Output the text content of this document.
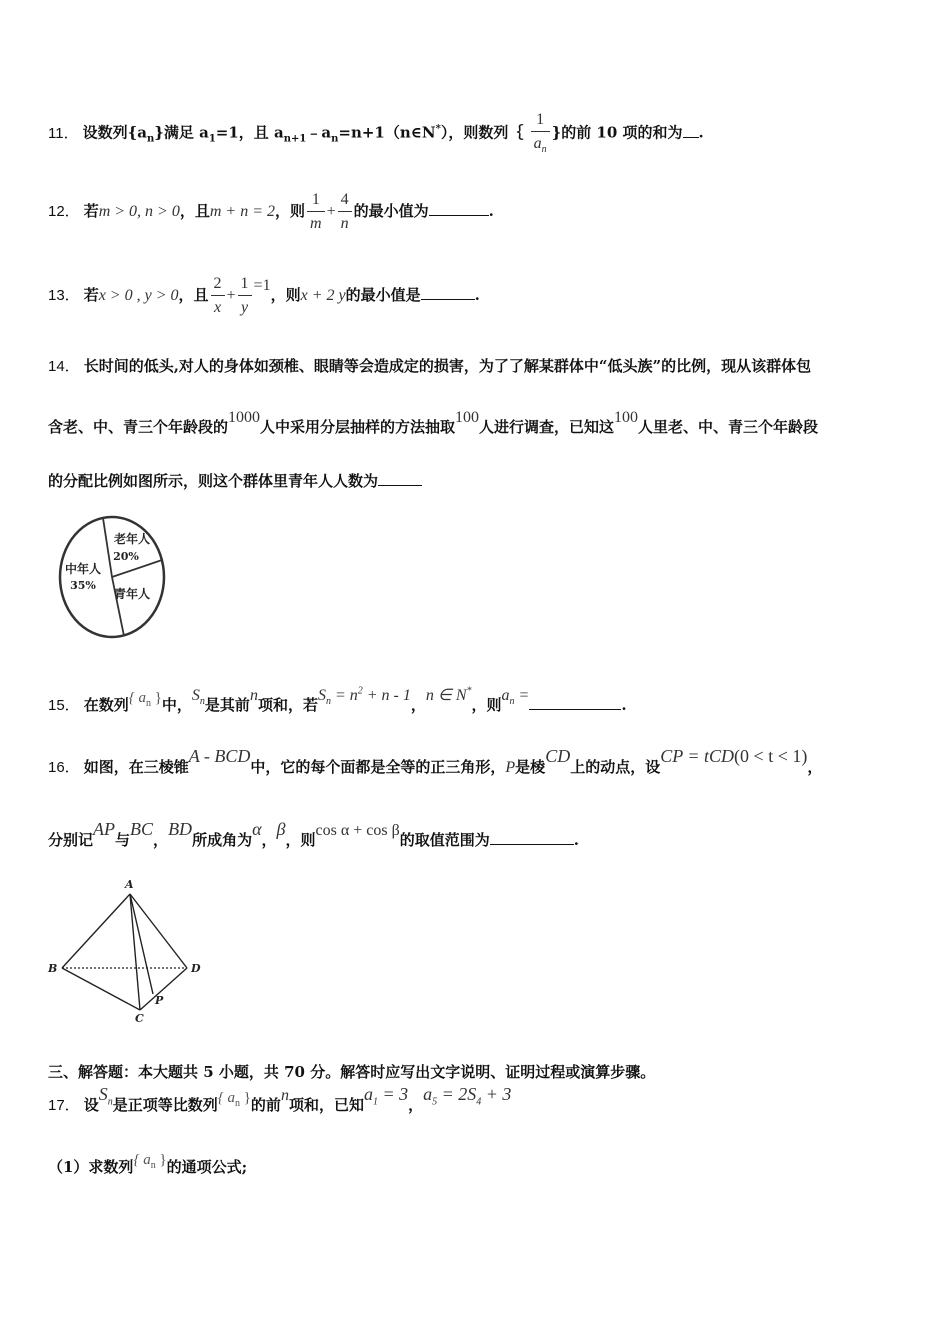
11． 设数列$\{a_n\}$满足 $a_1=1$，且 $a_{n+1}﹣a_n=n+1(n\in N^*)$，则数列｛ $\frac{1}{a_n}$ }的前 10 项的和为 .
12． 若m > 0, n > 0，且m + n = 2，则 $\frac{1}{m} + \frac{4}{n}$ 的最小值为	.
13． 若x > 0 , y > 0，且 $\frac{2}{x} + \frac{1}{y} =1$，则x + 2 y的最小值是	.
14． 长时间的低头,对人的身体如颈椎、眼睛等会造成定的损害，为了了解某群体中“低头族”的比例，现从该群体包
含老、中、青三个年龄段的1000人中采用分层抽样的方法抽取100人进行调查，已知这100人里老、中、青三个年龄段
的分配比例如图所示，则这个群体里青年人人数为
老年人
20%
中年人
35%
青年人
15． 在数列{ $a_n$ }中，$S_n$是其前n项和，若$S_n = n^2 + n - 1$，n ∈ N*，则$a_n$ =.
16． 如图，在三棱锥A - BCD中，它的每个面都是全等的正三角形，P是棱CD上的动点，设CP = tCD(0 < t < 1)，
分别记AP与BC，BD所成角为α，β，则cos α + cos β的取值范围为	.
A
B	D
C
P
三、解答题：本大题共 5 小题，共 70 分。解答时应写出文字说明、证明过程或演算步骤。
17． 设$S_n$是正项等比数列{ $a_n$ }的前n项和，已知$a_1 = 3$，$a_5 = 2S_4 + 3$
（1）求数列{ $a_n$ }的通项公式;
